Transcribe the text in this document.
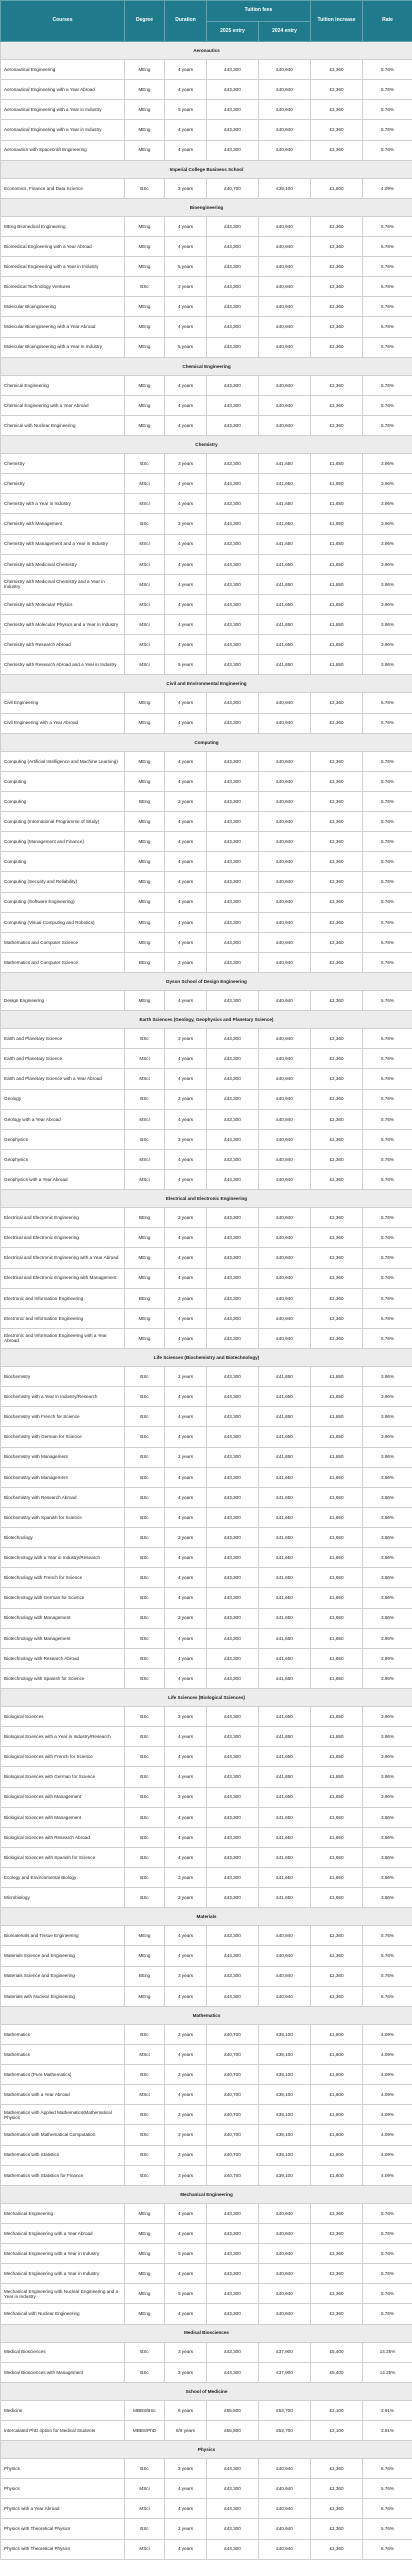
Courses	Degree	Duration	Tuition fees		Tuition increase	Rate
			2025 entry	2024 entry		
Aeronautics						
Aeronautical Engineering	MEng	4 years	£43,300	£40,940	£2,360	5.76%
Aeronautical Engineering with a Year Abroad	MEng	4 years	£43,300	£40,940	£2,360	5.76%
Aeronautical Engineering with a Year in Industry	MEng	5 years	£43,300	£40,940	£2,360	5.76%
Aeronautical Engineering with a Year in Industry	MEng	4 years	£43,300	£40,940	£2,360	5.76%
Aeronautics with Spacecraft Engineering	MEng	4 years	£43,300	£40,940	£2,360	5.76%
Imperial College Business School						
Economics, Finance and Data Science	BSc	3 years	£40,700	£39,100	£1,600	4.09%
Bioengineering						
MEng Biomedical Engineering	MEng	4 years	£43,300	£40,940	£2,360	5.76%
Biomedical Engineering with a Year Abroad	MEng	4 years	£43,300	£40,940	£2,360	5.76%
Biomedical Engineering with a Year in Industry	MEng	5 years	£43,300	£40,940	£2,360	5.76%
Biomedical Technology Ventures	BSc	3 years	£43,300	£40,940	£2,360	5.76%
Molecular Bioengineering	MEng	4 years	£43,300	£40,940	£2,360	5.76%
Molecular Bioengineering with a Year Abroad	MEng	4 years	£43,300	£40,940	£2,360	5.76%
Molecular Bioengineering with a Year in Industry	MEng	5 years	£43,300	£40,940	£2,360	5.76%
Chemical Engineering						
Chemical Engineering	MEng	4 years	£43,300	£40,940	£2,360	5.76%
Chemical Engineering with a Year Abroad	MEng	4 years	£43,300	£40,940	£2,360	5.76%
Chemical with Nuclear Engineering	MEng	4 years	£43,300	£40,940	£2,360	5.76%
Chemistry						
Chemistry	BSc	3 years	£43,300	£41,650	£1,650	3.96%
Chemistry	MSci	4 years	£43,300	£41,650	£1,650	3.96%
Chemistry with a Year in Industry	MSci	4 years	£43,300	£41,650	£1,650	3.96%
Chemistry with Management	BSc	3 years	£43,300	£41,650	£1,650	3.96%
Chemistry with Management and a Year in Industry	MSci	4 years	£43,300	£41,650	£1,650	3.96%
Chemistry with Medicinal Chemistry	MSci	4 years	£43,300	£41,650	£1,650	3.96%
Chemistry with Medicinal Chemistry and a Year in Industry	MSci	4 years	£43,300	£41,650	£1,650	3.96%
Chemistry with Molecular Physics	MSci	4 years	£43,300	£41,650	£1,650	3.96%
Chemistry with Molecular Physics and a Year in Industry	MSci	4 years	£43,300	£41,650	£1,650	3.96%
Chemistry with Research Abroad	MSci	4 years	£43,300	£41,650	£1,650	3.96%
Chemistry with Research Abroad and a Year in Industry	MSci	5 years	£43,300	£41,650	£1,650	3.96%
Civil and Environmental Engineering						
Civil Engineering	MEng	4 years	£43,300	£40,940	£2,360	5.76%
Civil Engineering with a Year Abroad	MEng	4 years	£43,300	£40,940	£2,360	5.76%
Computing						
Computing (Artificial Intelligence and Machine Learning)	MEng	4 years	£43,300	£40,940	£2,360	5.76%
Computing	MEng	4 years	£43,300	£40,940	£2,360	5.76%
Computing	BEng	3 years	£43,300	£40,940	£2,360	5.76%
Computing (International Programme of Study)	MEng	4 years	£43,300	£40,940	£2,360	5.76%
Computing (Management and Finance)	MEng	4 years	£43,300	£40,940	£2,360	5.76%
Computing	MEng	4 years	£43,300	£40,940	£2,360	5.76%
Computing (Security and Reliability)	MEng	4 years	£43,300	£40,940	£2,360	5.76%
Computing (Software Engineering)	MEng	4 years	£43,300	£40,940	£2,360	5.76%
Computing (Visual Computing and Robotics)	MEng	4 years	£43,300	£40,940	£2,360	5.76%
Mathematics and Computer Science	MEng	4 years	£43,300	£40,940	£2,360	5.76%
Mathematics and Computer Science	BEng	3 years	£43,300	£40,940	£2,360	5.76%
Dyson School of Design Engineering						
Design Engineering	MEng	4 years	£43,300	£40,940	£2,360	5.76%
Earth Sciences (Geology, Geophysics and Planetary Science)						
Earth and Planetary Science	BSc	3 years	£43,300	£40,940	£2,360	5.76%
Earth and Planetary Science	MSci	4 years	£43,300	£40,940	£2,360	5.76%
Earth and Planetary Science with a Year Abroad	MSci	4 years	£43,300	£40,940	£2,360	5.76%
Geology	BSc	3 years	£43,300	£40,940	£2,360	5.76%
Geology with a Year Abroad	MSci	4 years	£43,300	£40,940	£2,360	5.76%
Geophysics	BSc	3 years	£43,300	£40,940	£2,360	5.76%
Geophysics	MSci	4 years	£43,300	£40,940	£2,360	5.76%
Geophysics with a Year Abroad	MSci	4 years	£43,300	£40,940	£2,360	5.76%
Electrical and Electronic Engineering						
Electrical and Electronic Engineering	BEng	3 years	£43,300	£40,940	£2,360	5.76%
Electrical and Electronic Engineering	MEng	4 years	£43,300	£40,940	£2,360	5.76%
Electrical and Electronic Engineering with a Year Abroad	MEng	4 years	£43,300	£40,940	£2,360	5.76%
Electrical and Electronic Engineering with Management	MEng	4 years	£43,300	£40,940	£2,360	5.76%
Electronic and Information Engineering	BEng	3 years	£43,300	£40,940	£2,360	5.76%
Electronic and Information Engineering	MEng	4 years	£43,300	£40,940	£2,360	5.76%
Electronic and Information Engineering with a Year Abroad	MEng	4 years	£43,300	£40,940	£2,360	5.76%
Life Sciences (Biochemistry and Biotechnology)						
Biochemistry	BSc	3 years	£43,300	£41,650	£1,650	3.96%
Biochemistry with a Year in Industry/Research	BSc	4 years	£43,300	£41,650	£1,650	3.96%
Biochemistry with French for Science	BSc	4 years	£43,300	£41,650	£1,650	3.96%
Biochemistry with German for Science	BSc	4 years	£43,300	£41,650	£1,650	3.96%
Biochemistry with Management	BSc	3 years	£43,300	£41,650	£1,650	3.96%
Biochemistry with Management	BSc	4 years	£43,300	£41,650	£1,650	3.96%
Biochemistry with Research Abroad	BSc	4 years	£43,300	£41,650	£1,650	3.96%
Biochemistry with Spanish for Science	BSc	4 years	£43,300	£41,650	£1,650	3.96%
Biotechnology	BSc	3 years	£43,300	£41,650	£1,650	3.96%
Biotechnology with a Year in Industry/Research	BSc	4 years	£43,300	£41,650	£1,650	3.96%
Biotechnology with French for Science	BSc	4 years	£43,300	£41,650	£1,650	3.96%
Biotechnology with German for Science	BSc	4 years	£43,300	£41,650	£1,650	3.96%
Biotechnology with Management	BSc	3 years	£43,300	£41,650	£1,650	3.96%
Biotechnology with Management	BSc	4 years	£43,300	£41,650	£1,650	3.96%
Biotechnology with Research Abroad	BSc	4 years	£43,300	£41,650	£1,650	3.96%
Biotechnology with Spanish for Science	BSc	4 years	£43,300	£41,650	£1,650	3.96%
Life Sciences (Biological Sciences)						
Biological Sciences	BSc	3 years	£43,300	£41,650	£1,650	3.96%
Biological Sciences with a Year in Industry/Research	BSc	4 years	£43,300	£41,650	£1,650	3.96%
Biological Sciences with French for Science	BSc	4 years	£43,300	£41,650	£1,650	3.96%
Biological Sciences with German for Science	BSc	4 years	£43,300	£41,650	£1,650	3.96%
Biological Sciences with Management	BSc	3 years	£43,300	£41,650	£1,650	3.96%
Biological Sciences with Management	BSc	4 years	£43,300	£41,650	£1,650	3.96%
Biological Sciences with Research Abroad	BSc	4 years	£43,300	£41,650	£1,650	3.96%
Biological Sciences with Spanish for Science	BSc	4 years	£43,300	£41,650	£1,650	3.96%
Ecology and Environmental Biology	BSc	3 years	£43,300	£41,650	£1,650	3.96%
Microbiology	BSc	3 years	£43,300	£41,650	£1,650	3.96%
Materials						
Biomaterials and Tissue Engineering	MEng	4 years	£43,300	£40,940	£2,360	5.76%
Materials Science and Engineering	MEng	4 years	£43,300	£40,940	£2,360	5.76%
Materials Science and Engineering	BEng	3 years	£43,300	£40,940	£2,360	5.76%
Materials with Nuclear Engineering	MEng	4 years	£43,300	£40,940	£2,360	5.76%
Mathematics						
Mathematics	BSc	3 years	£40,700	£39,100	£1,600	4.09%
Mathematics	MSci	4 years	£40,700	£39,100	£1,600	4.09%
Mathematics (Pure Mathematics)	BSc	3 years	£40,700	£39,100	£1,600	4.09%
Mathematics with a Year Abroad	MSci	4 years	£40,700	£39,100	£1,600	4.09%
Mathematics with Applied Mathematics/Mathematical Physics	BSc	3 years	£40,700	£39,100	£1,600	4.09%
Mathematics with Mathematical Computation	BSc	3 years	£40,700	£39,100	£1,600	4.09%
Mathematics with Statistics	BSc	3 years	£40,700	£39,100	£1,600	4.09%
Mathematics with Statistics for Finance	BSc	3 years	£40,700	£39,100	£1,600	4.09%
Mechanical Engineering						
Mechanical Engineering	MEng	4 years	£43,300	£40,940	£2,360	5.76%
Mechanical Engineering with a Year Abroad	MEng	4 years	£43,300	£40,940	£2,360	5.76%
Mechanical Engineering with a Year in Industry	MEng	5 years	£43,300	£40,940	£2,360	5.76%
Mechanical Engineering with a Year in Industry	MEng	4 years	£43,300	£40,940	£2,360	5.76%
Mechanical Engineering with Nuclear Engineering and a Year in Industry	MEng	5 years	£43,300	£40,940	£2,360	5.76%
Mechanical with Nuclear Engineering	MEng	4 years	£43,300	£40,940	£2,360	5.76%
Medical Biosciences						
Medical Biosciences	BSc	3 years	£43,300	£37,900	£5,400	14.25%
Medical Biosciences with Management	BSc	3 years	£43,300	£37,900	£5,400	14.25%
School of Medicine						
Medicine	MBBS/BSc	6 years	£55,800	£53,700	£2,100	3.91%
Intercalated PhD option for Medical Students	MBBS/PhD	8/9 years	£55,800	£53,700	£2,100	3.91%
Physics						
Physics	BSc	3 years	£43,300	£40,940	£2,360	5.76%
Physics	MSci	4 years	£43,300	£40,940	£2,360	5.76%
Physics with a Year Abroad	MSci	4 years	£43,300	£40,940	£2,360	5.76%
Physics with Theoretical Physics	BSc	3 years	£43,300	£40,940	£2,360	5.76%
Physics with Theoretical Physics	MSci	4 years	£43,300	£40,940	£2,360	5.76%
